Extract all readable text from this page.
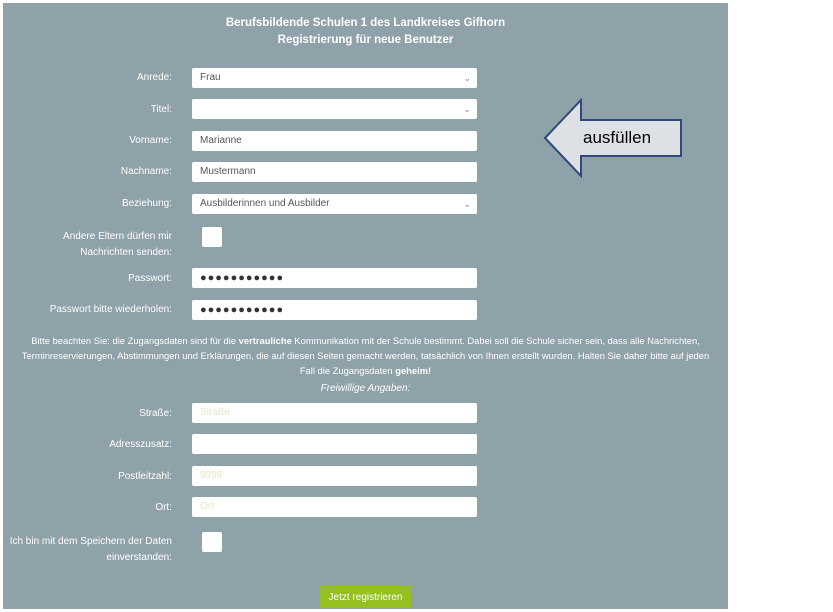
Berufsbildende Schulen 1 des Landkreises Gifhorn
Registrierung für neue Benutzer
Anrede:	Frau	⌄
Titel:	⌄
Vorname:	Marianne
Nachname:	Mustermann
Beziehung:	Ausbilderinnen und Ausbilder	⌄
Andere Eltern dürfen mir
Nachrichten senden:
Passwort:	●●●●●●●●●●●
Passwort bitte wiederholen:	●●●●●●●●●●●
Bitte beachten Sie: die Zugangsdaten sind für die vertrauliche Kommunikation mit der Schule bestimmt. Dabei soll die Schule sicher sein, dass alle Nachrichten, Terminreservierungen, Abstimmungen und Erklärungen, die auf diesen Seiten gemacht werden, tatsächlich von Ihnen erstellt wurden. Halten Sie daher bitte auf jeden Fall die Zugangsdaten geheim!
Freiwillige Angaben:
Straße:	Straße
Adresszusatz:
Postleitzahl:	9999
Ort:	Ort
Ich bin mit dem Speichern der Daten
einverstanden:
Jetzt registrieren
ausfüllen
